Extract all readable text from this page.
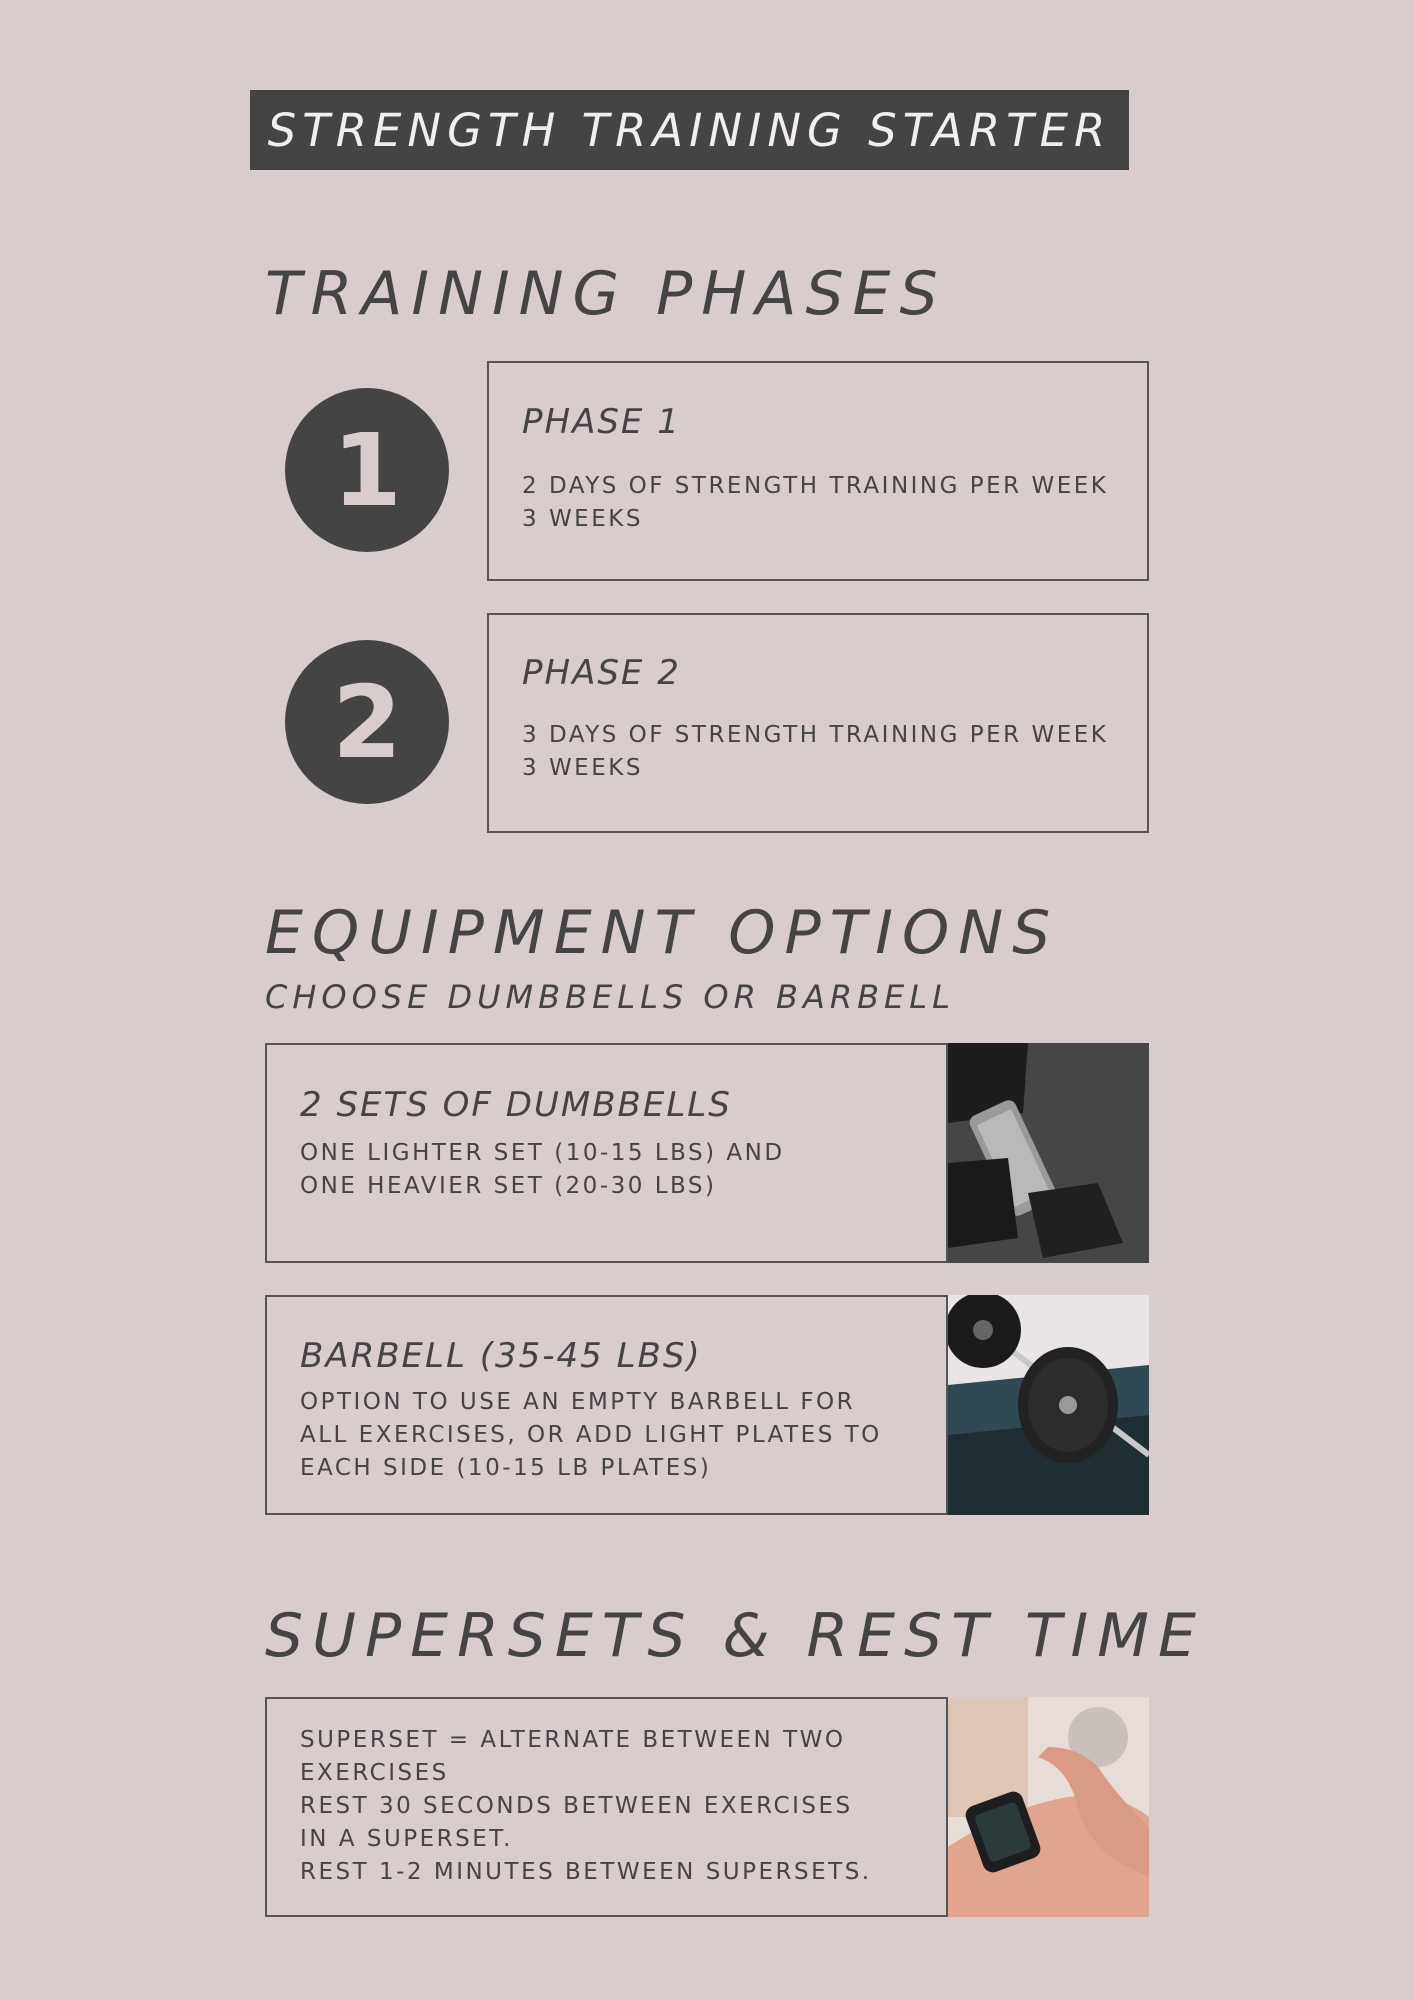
STRENGTH TRAINING STARTER
TRAINING PHASES
1	PHASE 1
2 DAYS OF STRENGTH TRAINING PER WEEK
3 WEEKS
2	PHASE 2
3 DAYS OF STRENGTH TRAINING PER WEEK
3 WEEKS
EQUIPMENT OPTIONS
CHOOSE DUMBBELLS OR BARBELL
2 SETS OF DUMBBELLS
ONE LIGHTER SET (10-15 LBS) AND
ONE HEAVIER SET (20-30 LBS)
BARBELL (35-45 LBS)
OPTION TO USE AN EMPTY BARBELL FOR
ALL EXERCISES, OR ADD LIGHT PLATES TO
EACH SIDE (10-15 LB PLATES)
SUPERSETS & REST TIME
SUPERSET = ALTERNATE BETWEEN TWO
EXERCISES
REST 30 SECONDS BETWEEN EXERCISES
IN A SUPERSET.
REST 1-2 MINUTES BETWEEN SUPERSETS.
